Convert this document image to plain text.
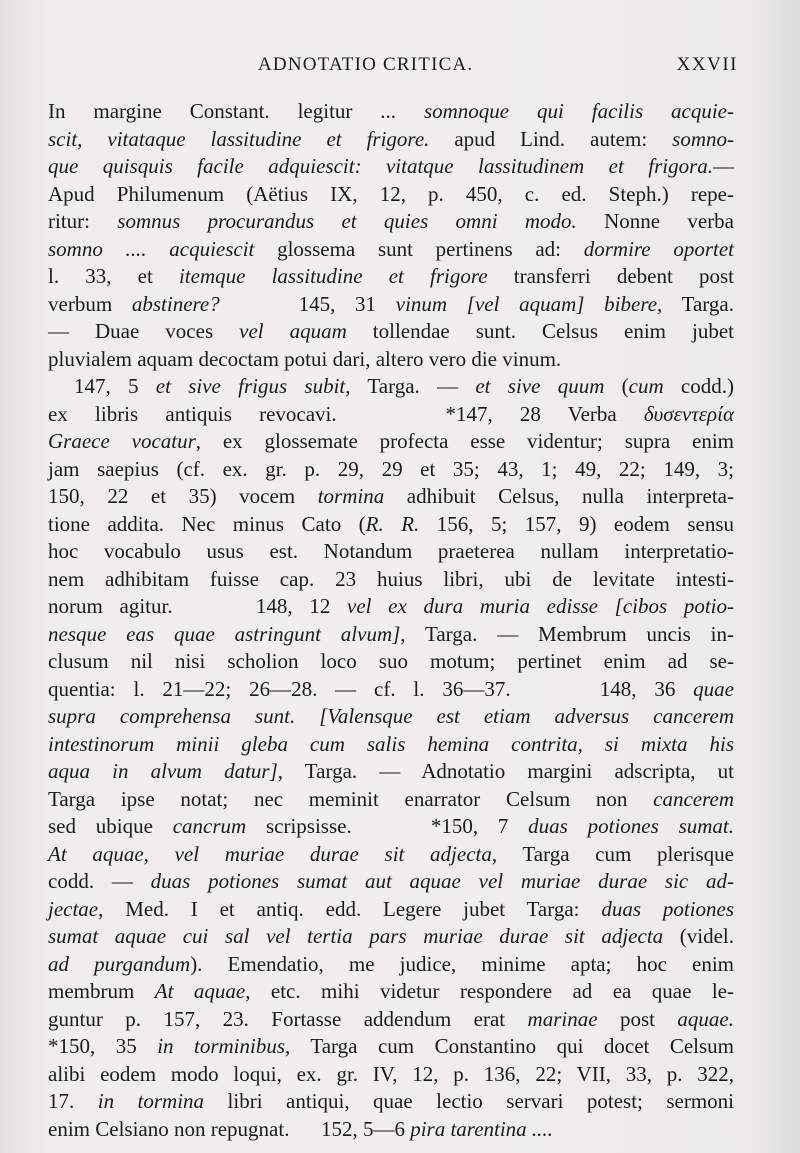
ADNOTATIO CRITICA.	XXVII
In margine Constant. legitur ... somnoque qui facilis acquie-
scit, vitataque lassitudine et frigore. apud Lind. autem: somno-
que quisquis facile adquiescit: vitatque lassitudinem et frigora.—
Apud Philumenum (Aëtius IX, 12, p. 450, c. ed. Steph.) repe-
ritur: somnus procurandus et quies omni modo. Nonne verba
somno .... acquiescit glossema sunt pertinens ad: dormire oportet
l. 33, et itemque lassitudine et frigore transferri debent post
verbum abstinere?    145, 31 vinum [vel aquam] bibere, Targa.
— Duae voces vel aquam tollendae sunt. Celsus enim jubet
pluvialem aquam decoctam potui dari, altero vero die vinum.
147, 5 et sive frigus subit, Targa. — et sive quum (cum codd.)
ex libris antiquis revocavi.    *147, 28 Verba δυσεντερία
Graece vocatur, ex glossemate profecta esse videntur; supra enim
jam saepius (cf. ex. gr. p. 29, 29 et 35; 43, 1; 49, 22; 149, 3;
150, 22 et 35) vocem tormina adhibuit Celsus, nulla interpreta-
tione addita. Nec minus Cato (R. R. 156, 5; 157, 9) eodem sensu
hoc vocabulo usus est. Notandum praeterea nullam interpretatio-
nem adhibitam fuisse cap. 23 huius libri, ubi de levitate intesti-
norum agitur.     148, 12 vel ex dura muria edisse [cibos potio-
nesque eas quae astringunt alvum], Targa. — Membrum uncis in-
clusum nil nisi scholion loco suo motum; pertinet enim ad se-
quentia: l. 21—22; 26—28. — cf. l. 36—37.     148, 36 quae
supra comprehensa sunt. [Valensque est etiam adversus cancerem
intestinorum minii gleba cum salis hemina contrita, si mixta his
aqua in alvum datur], Targa. — Adnotatio margini adscripta, ut
Targa ipse notat; nec meminit enarrator Celsum non cancerem
sed ubique cancrum scripsisse.    *150, 7 duas potiones sumat.
At aquae, vel muriae durae sit adjecta, Targa cum plerisque
codd. — duas potiones sumat aut aquae vel muriae durae sic ad-
jectae, Med. I et antiq. edd. Legere jubet Targa: duas potiones
sumat aquae cui sal vel tertia pars muriae durae sit adjecta (videl.
ad purgandum). Emendatio, me judice, minime apta; hoc enim
membrum At aquae, etc. mihi videtur respondere ad ea quae le-
guntur p. 157, 23. Fortasse addendum erat marinae post aquae.
*150, 35 in torminibus, Targa cum Constantino qui docet Celsum
alibi eodem modo loqui, ex. gr. IV, 12, p. 136, 22; VII, 33, p. 322,
17. in tormina libri antiqui, quae lectio servari potest; sermoni
enim Celsiano non repugnat.      152, 5—6 pira tarentina ....
